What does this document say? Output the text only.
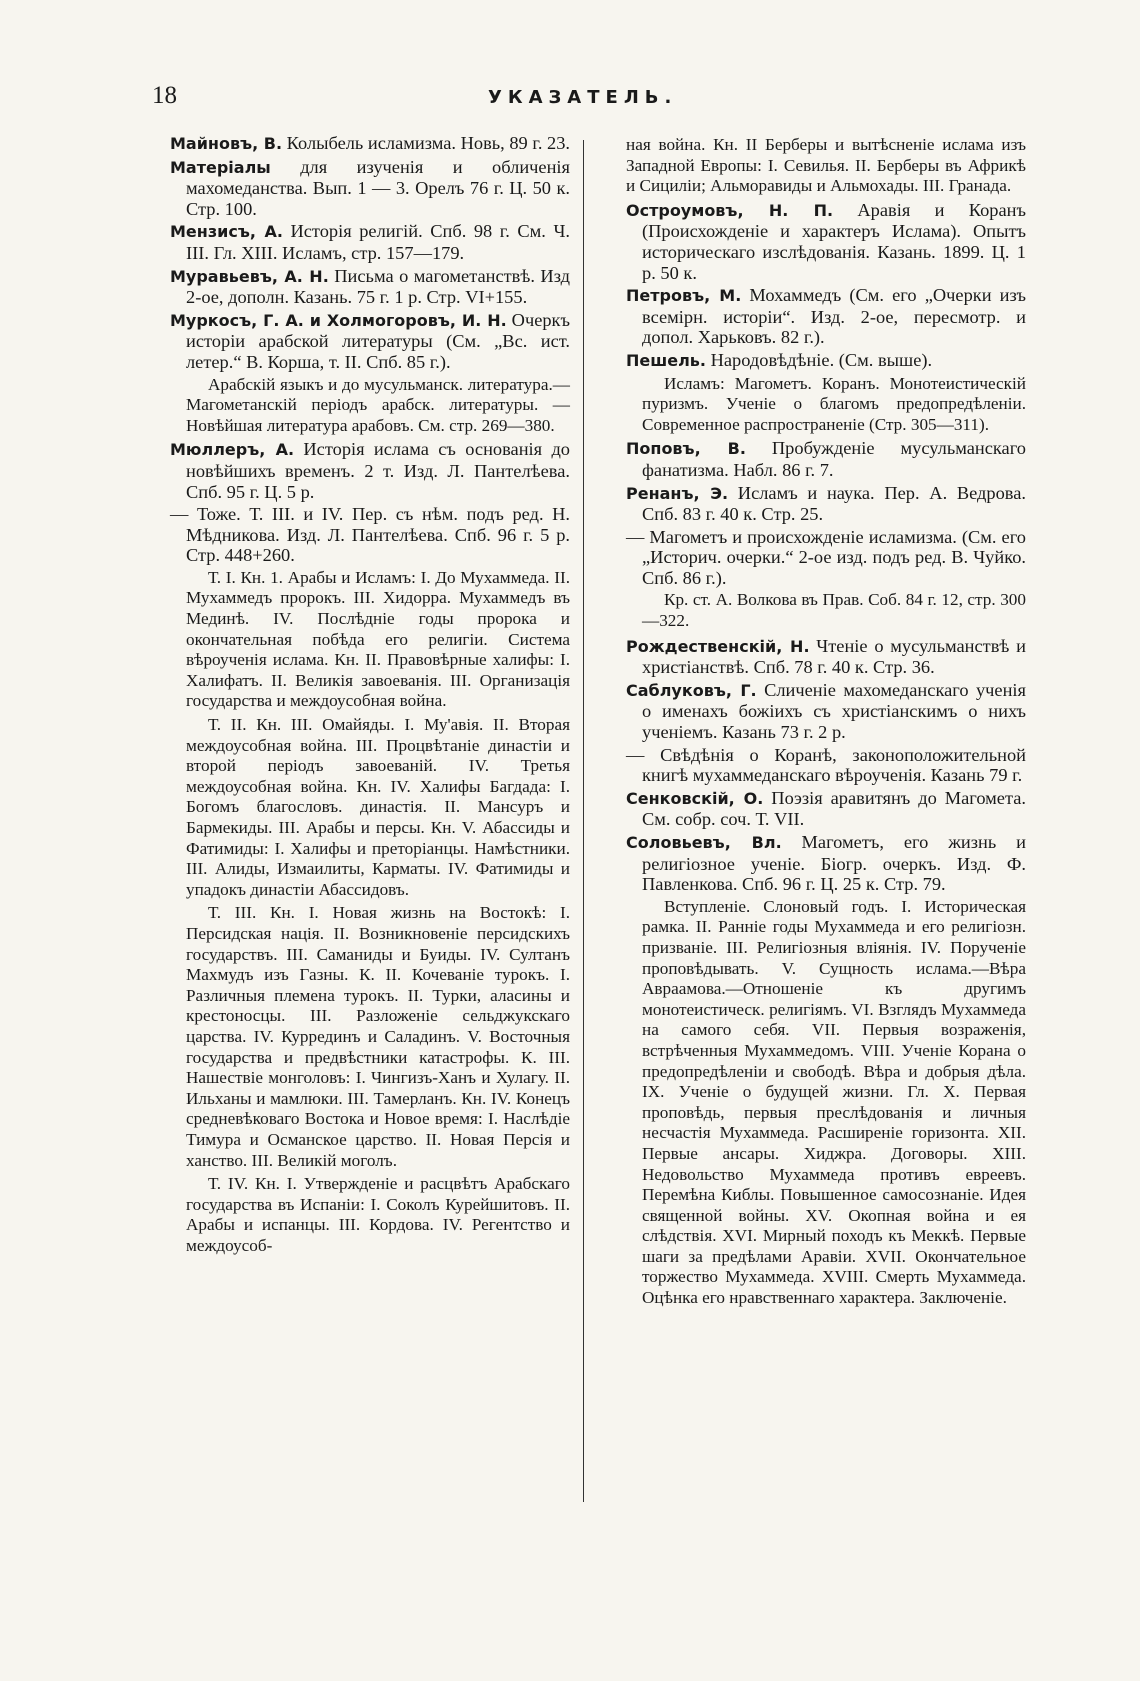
18	УКАЗАТЕЛЬ.

Майновъ, В. Колыбель исламизма. Новь, 89 г. 23.

Матеріалы для изученія и обличенія махомеданства. Вып. 1 — 3. Орелъ 76 г. Ц. 50 к. Стр. 100.

Мензисъ, А. Исторія религій. Спб. 98 г. См. Ч. III. Гл. XIII. Исламъ, стр. 157—179.

Муравьевъ, А. Н. Письма о магометанствѣ. Изд 2-ое, дополн. Казань. 75 г. 1 р. Стр. VI+155.

Муркосъ, Г. А. и Холмогоровъ, И. Н. Очеркъ исторіи арабской литературы (См. „Вс. ист. летер.“ В. Корша, т. II. Спб. 85 г.).

Арабскій языкъ и до мусульманск. литература.—Магометанскій періодъ арабск. литературы. — Новѣйшая литература арабовъ. См. стр. 269—380.

Мюллеръ, А. Исторія ислама съ основанія до новѣйшихъ временъ. 2 т. Изд. Л. Пантелѣева. Спб. 95 г. Ц. 5 р.

— Тоже. Т. III. и IV. Пер. съ нѣм. подъ ред. Н. Мѣдникова. Изд. Л. Пантелѣева. Спб. 96 г. 5 р. Стр. 448+260.

Т. I. Кн. 1. Арабы и Исламъ: I. До Мухаммеда. II. Мухаммедъ пророкъ. III. Хидорра. Мухаммедъ въ Мединѣ. IV. Послѣдніе годы пророка и окончательная побѣда его религіи. Система вѣроученія ислама. Кн. II. Правовѣрные халифы: I. Халифатъ. II. Великія завоеванія. III. Организація государства и междоусобная война.

Т. II. Кн. III. Омайяды. I. Му'авія. II. Вторая междоусобная война. III. Процвѣтаніе династіи и второй періодъ завоеваній. IV. Третья междоусобная война. Кн. IV. Халифы Багдада: I. Богомъ благословъ. династія. II. Мансуръ и Бармекиды. III. Арабы и персы. Кн. V. Абассиды и Фатимиды: I. Халифы и преторіанцы. Намѣстники. III. Алиды, Измаилиты, Карматы. IV. Фатимиды и упадокъ династіи Абассидовъ.

Т. III. Кн. I. Новая жизнь на Востокѣ: I. Персидская нація. II. Возникновеніе персидскихъ государствъ. III. Саманиды и Буиды. IV. Султанъ Махмудъ изъ Газны. К. II. Кочеваніе турокъ. I. Различныя племена турокъ. II. Турки, аласины и крестоносцы. III. Разложеніе сельджукскаго царства. IV. Куррединъ и Саладинъ. V. Восточныя государства и предвѣстники катастрофы. К. III. Нашествіе монголовъ: I. Чингизъ-Ханъ и Хулагу. II. Ильханы и мамлюки. III. Тамерланъ. Кн. IV. Конецъ средневѣковаго Востока и Новое время: I. Наслѣдіе Тимура и Османское царство. II. Новая Персія и ханство. III. Великій моголъ.

Т. IV. Кн. I. Утвержденіе и расцвѣтъ Арабскаго государства въ Испаніи: I. Соколъ Курейшитовъ. II. Арабы и испанцы. III. Кордова. IV. Регентство и междоусоб-

ная война. Кн. II Берберы и вытѣсненіе ислама изъ Западной Европы: I. Севилья. II. Берберы въ Африкѣ и Сициліи; Альморавиды и Альмохады. III. Гранада.

Остроумовъ, Н. П. Аравія и Коранъ (Происхожденіе и характеръ Ислама). Опытъ историческаго изслѣдованія. Казань. 1899. Ц. 1 р. 50 к.

Петровъ, М. Мохаммедъ (См. его „Очерки изъ всемірн. исторіи“. Изд. 2-ое, пересмотр. и допол. Харьковъ. 82 г.).

Пешель. Народовѣдѣніе. (См. выше).

Исламъ: Магометъ. Коранъ. Монотеистическій пуризмъ. Ученіе о благомъ предопредѣленіи. Современное распространеніе (Стр. 305—311).

Поповъ, В. Пробужденіе мусульманскаго фанатизма. Набл. 86 г. 7.

Ренанъ, Э. Исламъ и наука. Пер. А. Ведрова. Спб. 83 г. 40 к. Стр. 25.

— Магометъ и происхожденіе исламизма. (См. его „Историч. очерки.“ 2-ое изд. подъ ред. В. Чуйко. Спб. 86 г.).

Кр. ст. А. Волкова въ Прав. Соб. 84 г. 12, стр. 300—322.

Рождественскій, Н. Чтеніе о мусульманствѣ и христіанствѣ. Спб. 78 г. 40 к. Стр. 36.

Саблуковъ, Г. Сличеніе махомеданскаго ученія о именахъ божіихъ съ христіанскимъ о нихъ ученіемъ. Казань 73 г. 2 р.

— Свѣдѣнія о Коранѣ, законоположительной книгѣ мухаммеданскаго вѣроученія. Казань 79 г.

Сенковскій, О. Поэзія аравитянъ до Магомета. См. собр. соч. Т. VII.

Соловьевъ, Вл. Магометъ, его жизнь и религіозное ученіе. Біогр. очеркъ. Изд. Ф. Павленкова. Спб. 96 г. Ц. 25 к. Стр. 79.

Вступленіе. Слоновый годъ. I. Историческая рамка. II. Ранніе годы Мухаммеда и его религіозн. призваніе. III. Религіозныя вліянія. IV. Порученіе проповѣдывать. V. Сущность ислама.—Вѣра Авраамова.—Отношеніе къ другимъ монотеистическ. религіямъ. VI. Взглядъ Мухаммеда на самого себя. VII. Первыя возраженія, встрѣченныя Мухаммедомъ. VIII. Ученіе Корана о предопредѣленіи и свободѣ. Вѣра и добрыя дѣла. IX. Ученіе о будущей жизни. Гл. X. Первая проповѣдь, первыя преслѣдованія и личныя несчастія Мухаммеда. Расширеніе горизонта. XII. Первые ансары. Хиджра. Договоры. XIII. Недовольство Мухаммеда противъ евреевъ. Перемѣна Киблы. Повышенное самосознаніе. Идея священной войны. XV. Окопная война и ея слѣдствія. XVI. Мирный походъ къ Меккѣ. Первые шаги за предѣлами Аравіи. XVII. Окончательное торжество Мухаммеда. XVIII. Смерть Мухаммеда. Оцѣнка его нравственнаго характера. Заключеніе.
